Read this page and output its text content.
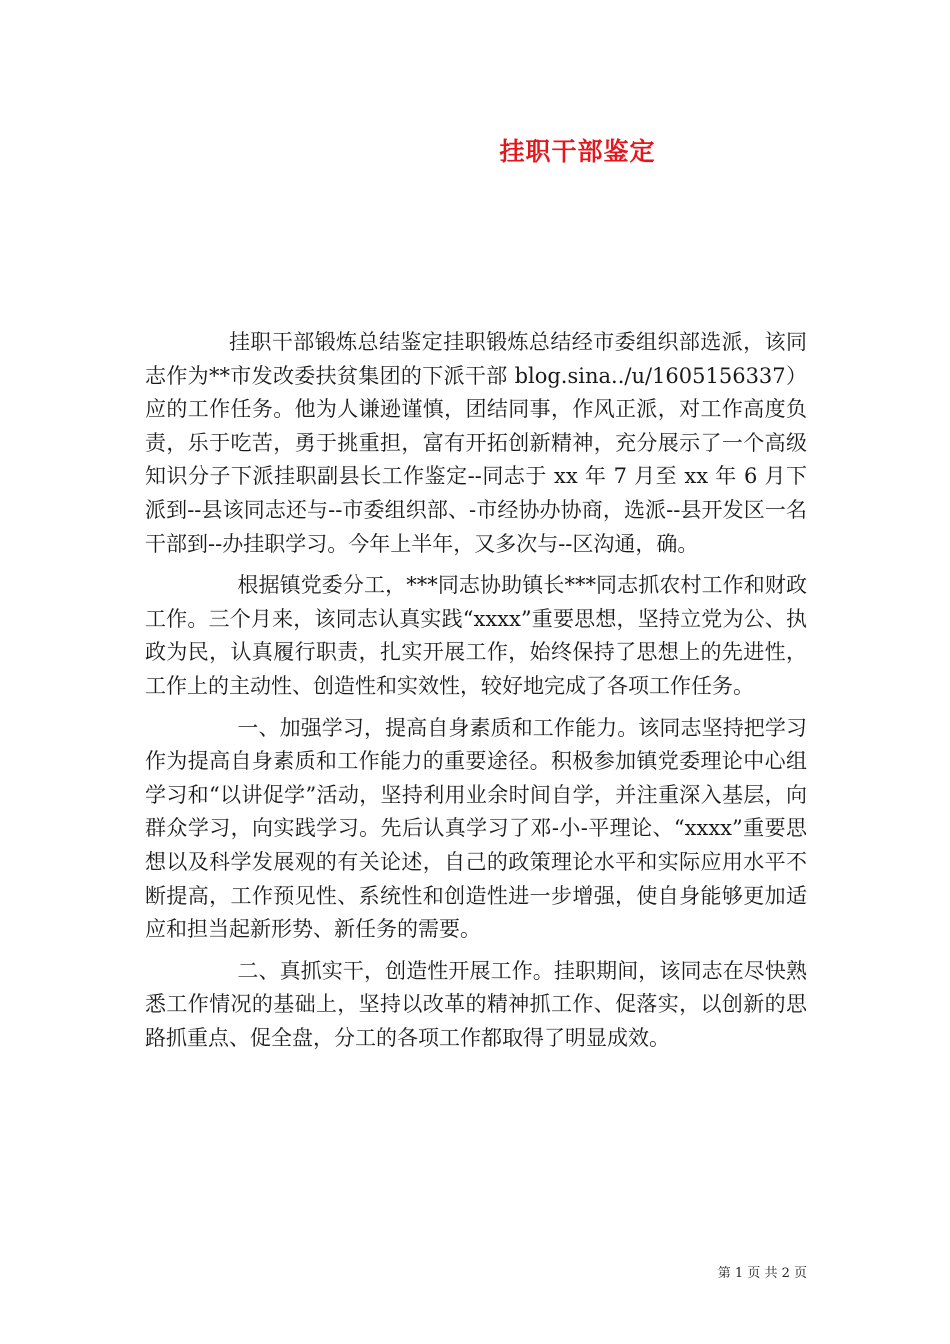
挂职干部鉴定

挂职干部锻炼总结鉴定挂职锻炼总结经市委组织部选派，该同志作为**市发改委扶贫集团的下派干部 blog.sina../u/1605156337）应的工作任务。他为人谦逊谨慎，团结同事，作风正派，对工作高度负责，乐于吃苦，勇于挑重担，富有开拓创新精神，充分展示了一个高级知识分子下派挂职副县长工作鉴定--同志于 xx 年 7 月至 xx 年 6 月下派到--县该同志还与--市委组织部、-市经协办协商，选派--县开发区一名干部到--办挂职学习。今年上半年，又多次与--区沟通，确。

根据镇党委分工，***同志协助镇长***同志抓农村工作和财政工作。三个月来，该同志认真实践“xxxx”重要思想，坚持立党为公、执政为民，认真履行职责，扎实开展工作，始终保持了思想上的先进性，工作上的主动性、创造性和实效性，较好地完成了各项工作任务。

一、加强学习，提高自身素质和工作能力。该同志坚持把学习作为提高自身素质和工作能力的重要途径。积极参加镇党委理论中心组学习和“以讲促学”活动，坚持利用业余时间自学，并注重深入基层，向群众学习，向实践学习。先后认真学习了邓-小-平理论、“xxxx”重要思想以及科学发展观的有关论述，自己的政策理论水平和实际应用水平不断提高，工作预见性、系统性和创造性进一步增强，使自身能够更加适应和担当起新形势、新任务的需要。

二、真抓实干，创造性开展工作。挂职期间，该同志在尽快熟悉工作情况的基础上，坚持以改革的精神抓工作、促落实，以创新的思路抓重点、促全盘，分工的各项工作都取得了明显成效。

第 1 页 共 2 页
